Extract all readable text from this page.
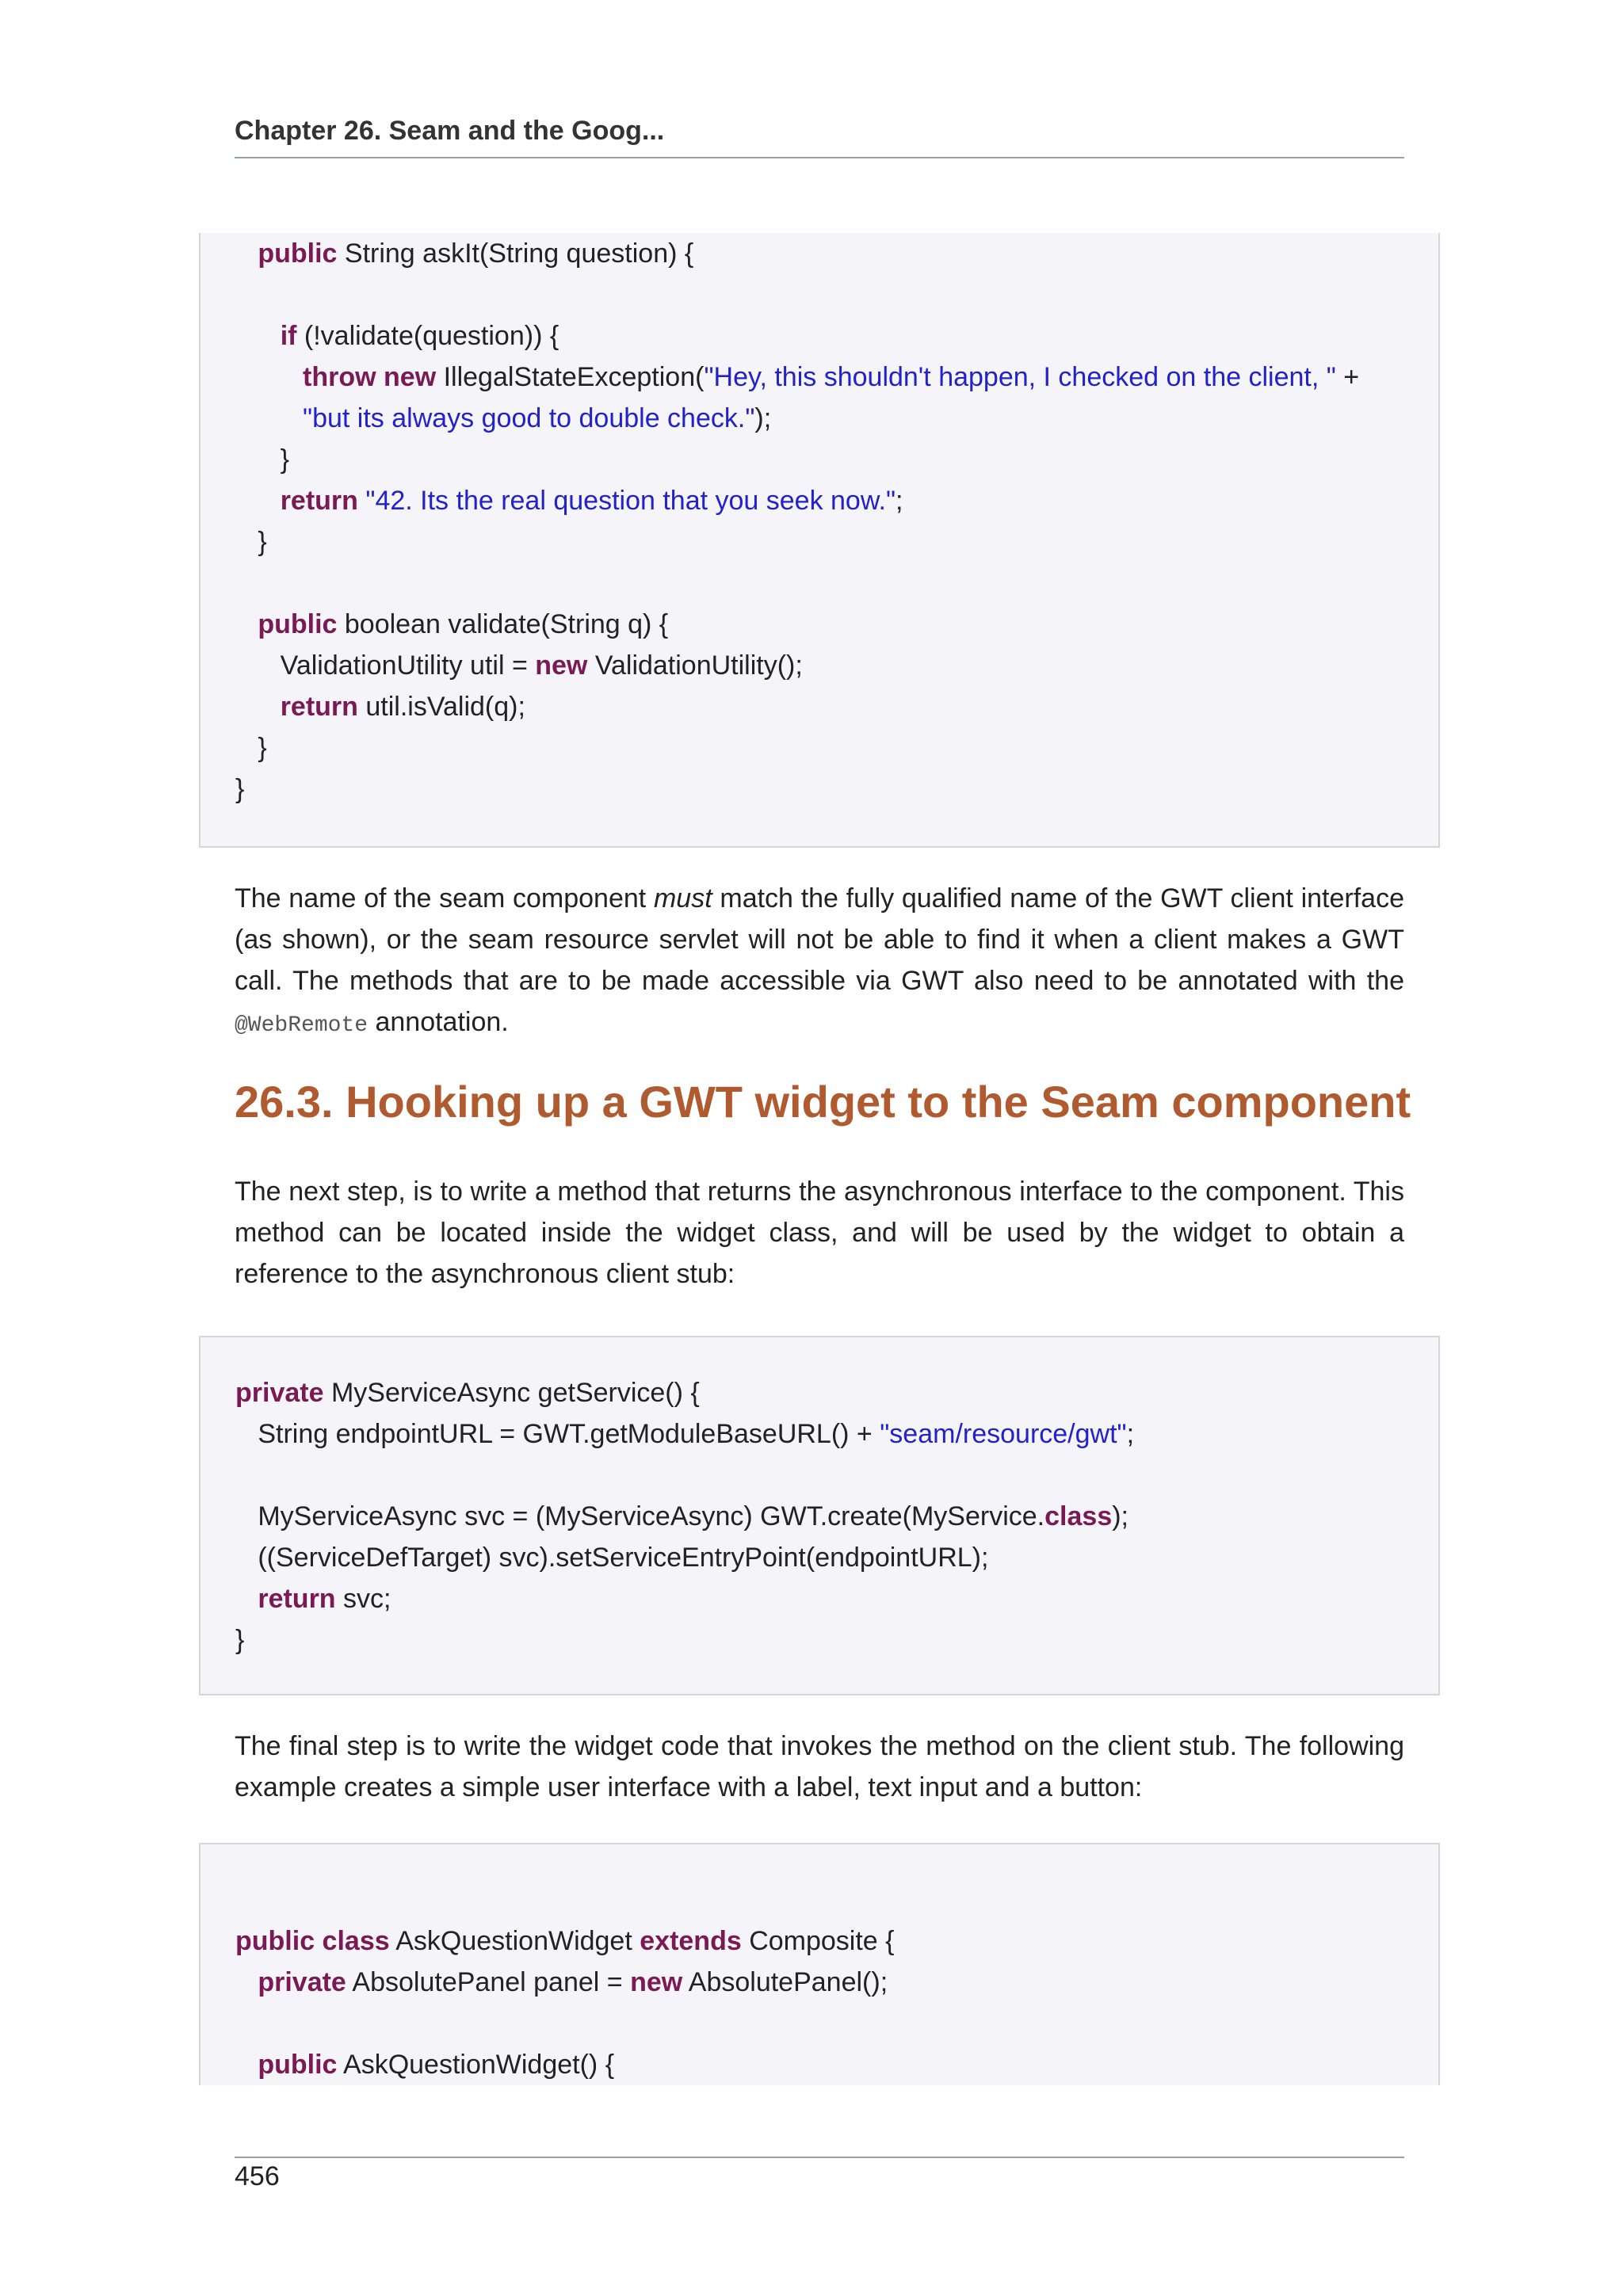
Chapter 26. Seam and the Goog...
public String askIt(String question) {
if (!validate(question)) {
throw new IllegalStateException("Hey, this shouldn't happen, I checked on the client, " +
"but its always good to double check.");
}
return "42. Its the real question that you seek now.";
}
public boolean validate(String q) {
ValidationUtility util = new ValidationUtility();
return util.isValid(q);
}
}
The name of the seam component must match the fully qualified name of the GWT client interface (as shown), or the seam resource servlet will not be able to find it when a client makes a GWT call. The methods that are to be made accessible via GWT also need to be annotated with the @WebRemote annotation.
26.3. Hooking up a GWT widget to the Seam component
The next step, is to write a method that returns the asynchronous interface to the component. This method can be located inside the widget class, and will be used by the widget to obtain a reference to the asynchronous client stub:
private MyServiceAsync getService() {
String endpointURL = GWT.getModuleBaseURL() + "seam/resource/gwt";
MyServiceAsync svc = (MyServiceAsync) GWT.create(MyService.class);
((ServiceDefTarget) svc).setServiceEntryPoint(endpointURL);
return svc;
}
The final step is to write the widget code that invokes the method on the client stub. The following example creates a simple user interface with a label, text input and a button:
public class AskQuestionWidget extends Composite {
private AbsolutePanel panel = new AbsolutePanel();
public AskQuestionWidget() {
456
